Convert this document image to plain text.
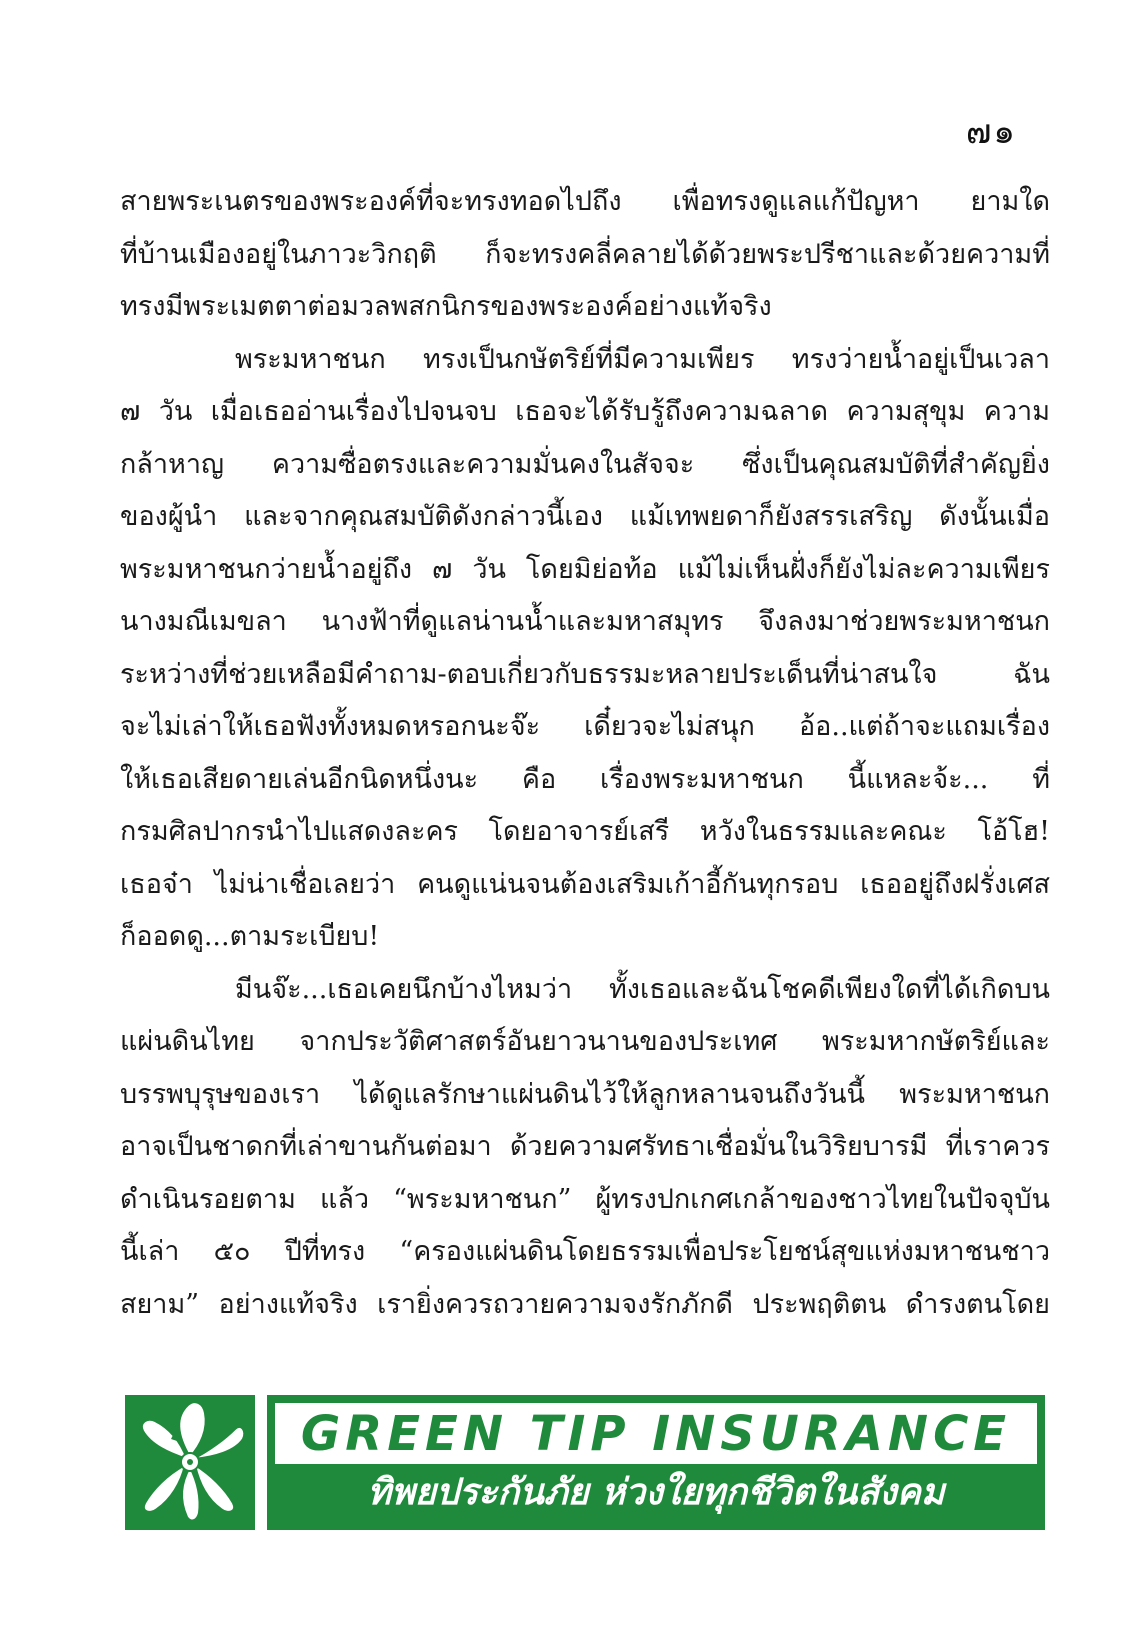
๗๑
สายพระเนตรของพระองค์ที่จะทรงทอดไปถึง เพื่อทรงดูแลแก้ปัญหา ยามใด
ที่บ้านเมืองอยู่ในภาวะวิกฤติ ก็จะทรงคลี่คลายได้ด้วยพระปรีชาและด้วยความที่
ทรงมีพระเมตตาต่อมวลพสกนิกรของพระองค์อย่างแท้จริง
พระมหาชนก ทรงเป็นกษัตริย์ที่มีความเพียร ทรงว่ายน้ำอยู่เป็นเวลา
๗ วัน เมื่อเธออ่านเรื่องไปจนจบ เธอจะได้รับรู้ถึงความฉลาด ความสุขุม ความ
กล้าหาญ ความซื่อตรงและความมั่นคงในสัจจะ ซึ่งเป็นคุณสมบัติที่สำคัญยิ่ง
ของผู้นำ และจากคุณสมบัติดังกล่าวนี้เอง แม้เทพยดาก็ยังสรรเสริญ ดังนั้นเมื่อ
พระมหาชนกว่ายน้ำอยู่ถึง ๗ วัน โดยมิย่อท้อ แม้ไม่เห็นฝั่งก็ยังไม่ละความเพียร
นางมณีเมขลา นางฟ้าที่ดูแลน่านน้ำและมหาสมุทร จึงลงมาช่วยพระมหาชนก
ระหว่างที่ช่วยเหลือมีคำถาม-ตอบเกี่ยวกับธรรมะหลายประเด็นที่น่าสนใจ ฉัน
จะไม่เล่าให้เธอฟังทั้งหมดหรอกนะจ๊ะ เดี๋ยวจะไม่สนุก อ้อ..แต่ถ้าจะแถมเรื่อง
ให้เธอเสียดายเล่นอีกนิดหนึ่งนะ คือ เรื่องพระมหาชนก นี้แหละจ้ะ... ที่
กรมศิลปากรนำไปแสดงละคร โดยอาจารย์เสรี หวังในธรรมและคณะ โอ้โฮ!
เธอจ๋า ไม่น่าเชื่อเลยว่า คนดูแน่นจนต้องเสริมเก้าอี้กันทุกรอบ เธออยู่ถึงฝรั่งเศส
ก็ออดดู...ตามระเบียบ!
มีนจ๊ะ...เธอเคยนึกบ้างไหมว่า ทั้งเธอและฉันโชคดีเพียงใดที่ได้เกิดบน
แผ่นดินไทย จากประวัติศาสตร์อันยาวนานของประเทศ พระมหากษัตริย์และ
บรรพบุรุษของเรา ได้ดูแลรักษาแผ่นดินไว้ให้ลูกหลานจนถึงวันนี้ พระมหาชนก
อาจเป็นชาดกที่เล่าขานกันต่อมา ด้วยความศรัทธาเชื่อมั่นในวิริยบารมี ที่เราควร
ดำเนินรอยตาม แล้ว “พระมหาชนก” ผู้ทรงปกเกศเกล้าของชาวไทยในปัจจุบัน
นี้เล่า ๕๐ ปีที่ทรง “ครองแผ่นดินโดยธรรมเพื่อประโยชน์สุขแห่งมหาชนชาว
สยาม” อย่างแท้จริง เรายิ่งควรถวายความจงรักภักดี ประพฤติตน ดำรงตนโดย
GREEN TIP INSURANCE
ทิพยประกันภัย ห่วงใยทุกชีวิตในสังคม
